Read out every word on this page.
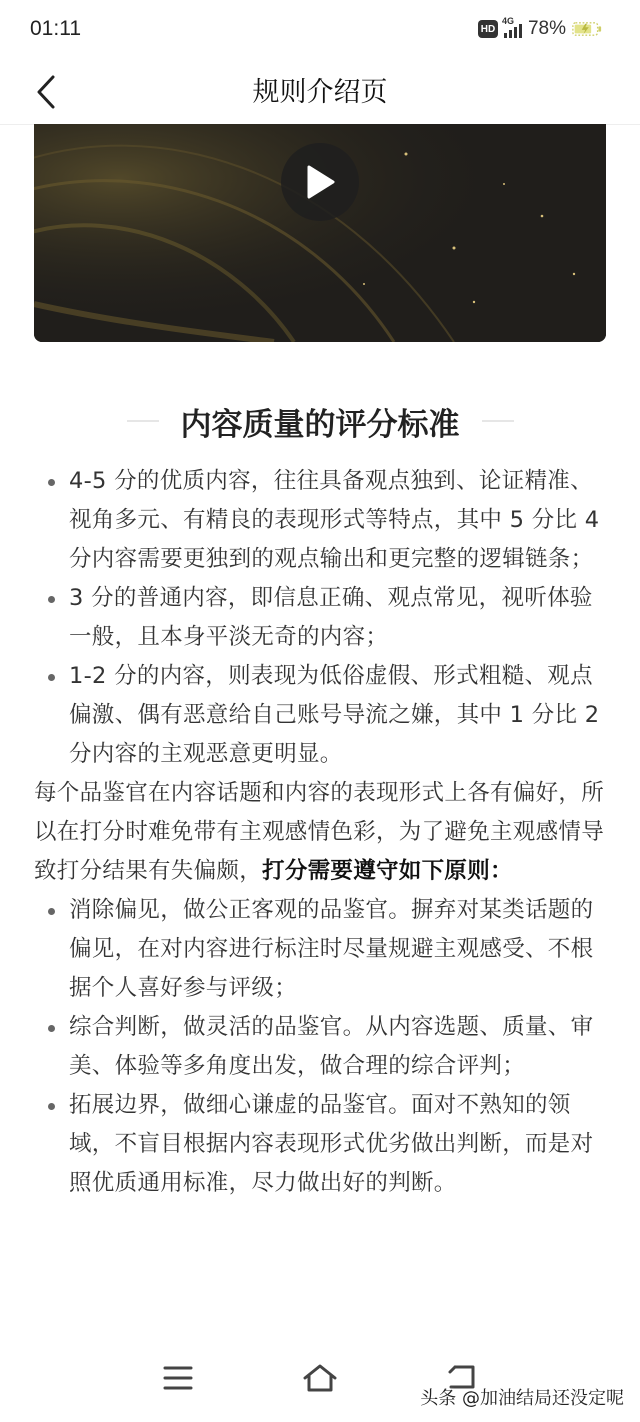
01:11	HD
4G 78%
规则介绍页
内容质量的评分标准
4-5 分的优质内容，往往具备观点独到、论证精准、视角多元、有精良的表现形式等特点，其中 5 分比 4 分内容需要更独到的观点输出和更完整的逻辑链条；
3 分的普通内容，即信息正确、观点常见，视听体验 一般，且本身平淡无奇的内容；
1-2 分的内容，则表现为低俗虚假、形式粗糙、观点偏激、偶有恶意给自己账号导流之嫌，其中 1 分比 2 分内容的主观恶意更明显。

每个品鉴官在内容话题和内容的表现形式上各有偏好，所以在打分时难免带有主观感情色彩，为了避免主观感情导致打分结果有失偏颇，打分需要遵守如下原则：

消除偏见，做公正客观的品鉴官。摒弃对某类话题的偏见，在对内容进行标注时尽量规避主观感受、不根据个人喜好参与评级；
综合判断，做灵活的品鉴官。从内容选题、质量、审美、体验等多角度出发，做合理的综合评判；
拓展边界，做细心谦虚的品鉴官。面对不熟知的领域，不盲目根据内容表现形式优劣做出判断，而是对照优质通用标准，尽力做出好的判断。
头条 @加油结局还没定呢
